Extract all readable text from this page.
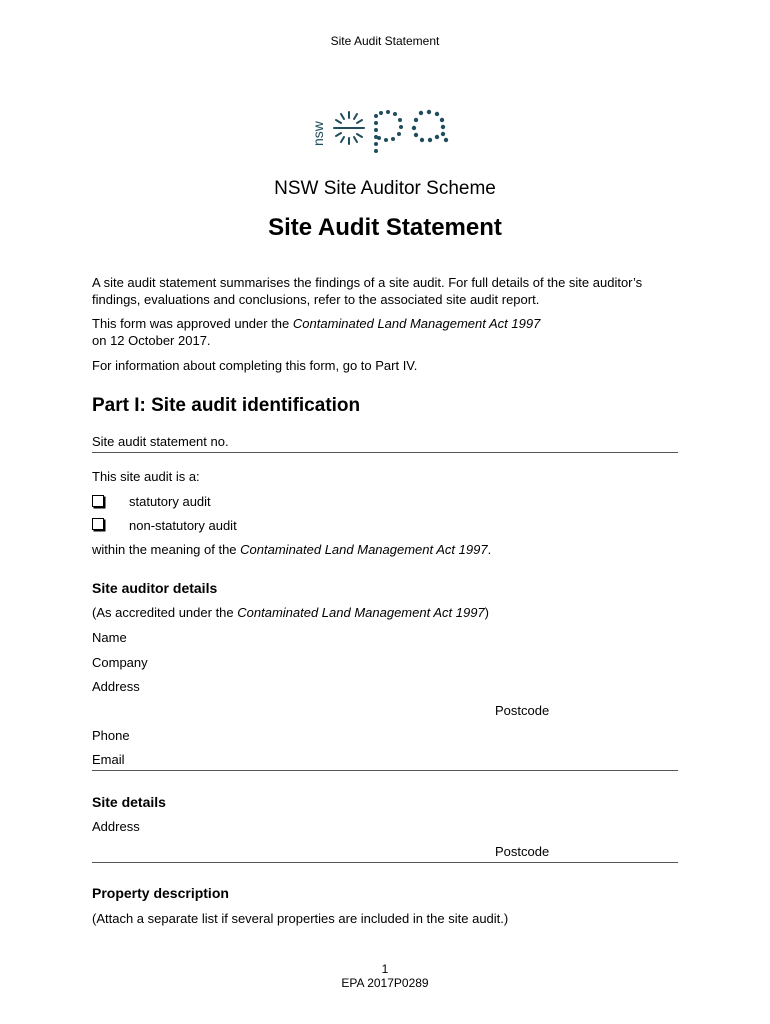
Site Audit Statement
nsw
NSW Site Auditor Scheme
Site Audit Statement
A site audit statement summarises the findings of a site audit. For full details of the site auditor’s findings, evaluations and conclusions, refer to the associated site audit report.
This form was approved under the Contaminated Land Management Act 1997
on 12 October 2017.
For information about completing this form, go to Part IV.
Part I: Site audit identification
Site audit statement no.
This site audit is a:
statutory audit
non-statutory audit
within the meaning of the Contaminated Land Management Act 1997.
Site auditor details
(As accredited under the Contaminated Land Management Act 1997)
Name
Company
Address
Postcode
Phone
Email
Site details
Address
Postcode
Property description
(Attach a separate list if several properties are included in the site audit.)
1
EPA 2017P0289
